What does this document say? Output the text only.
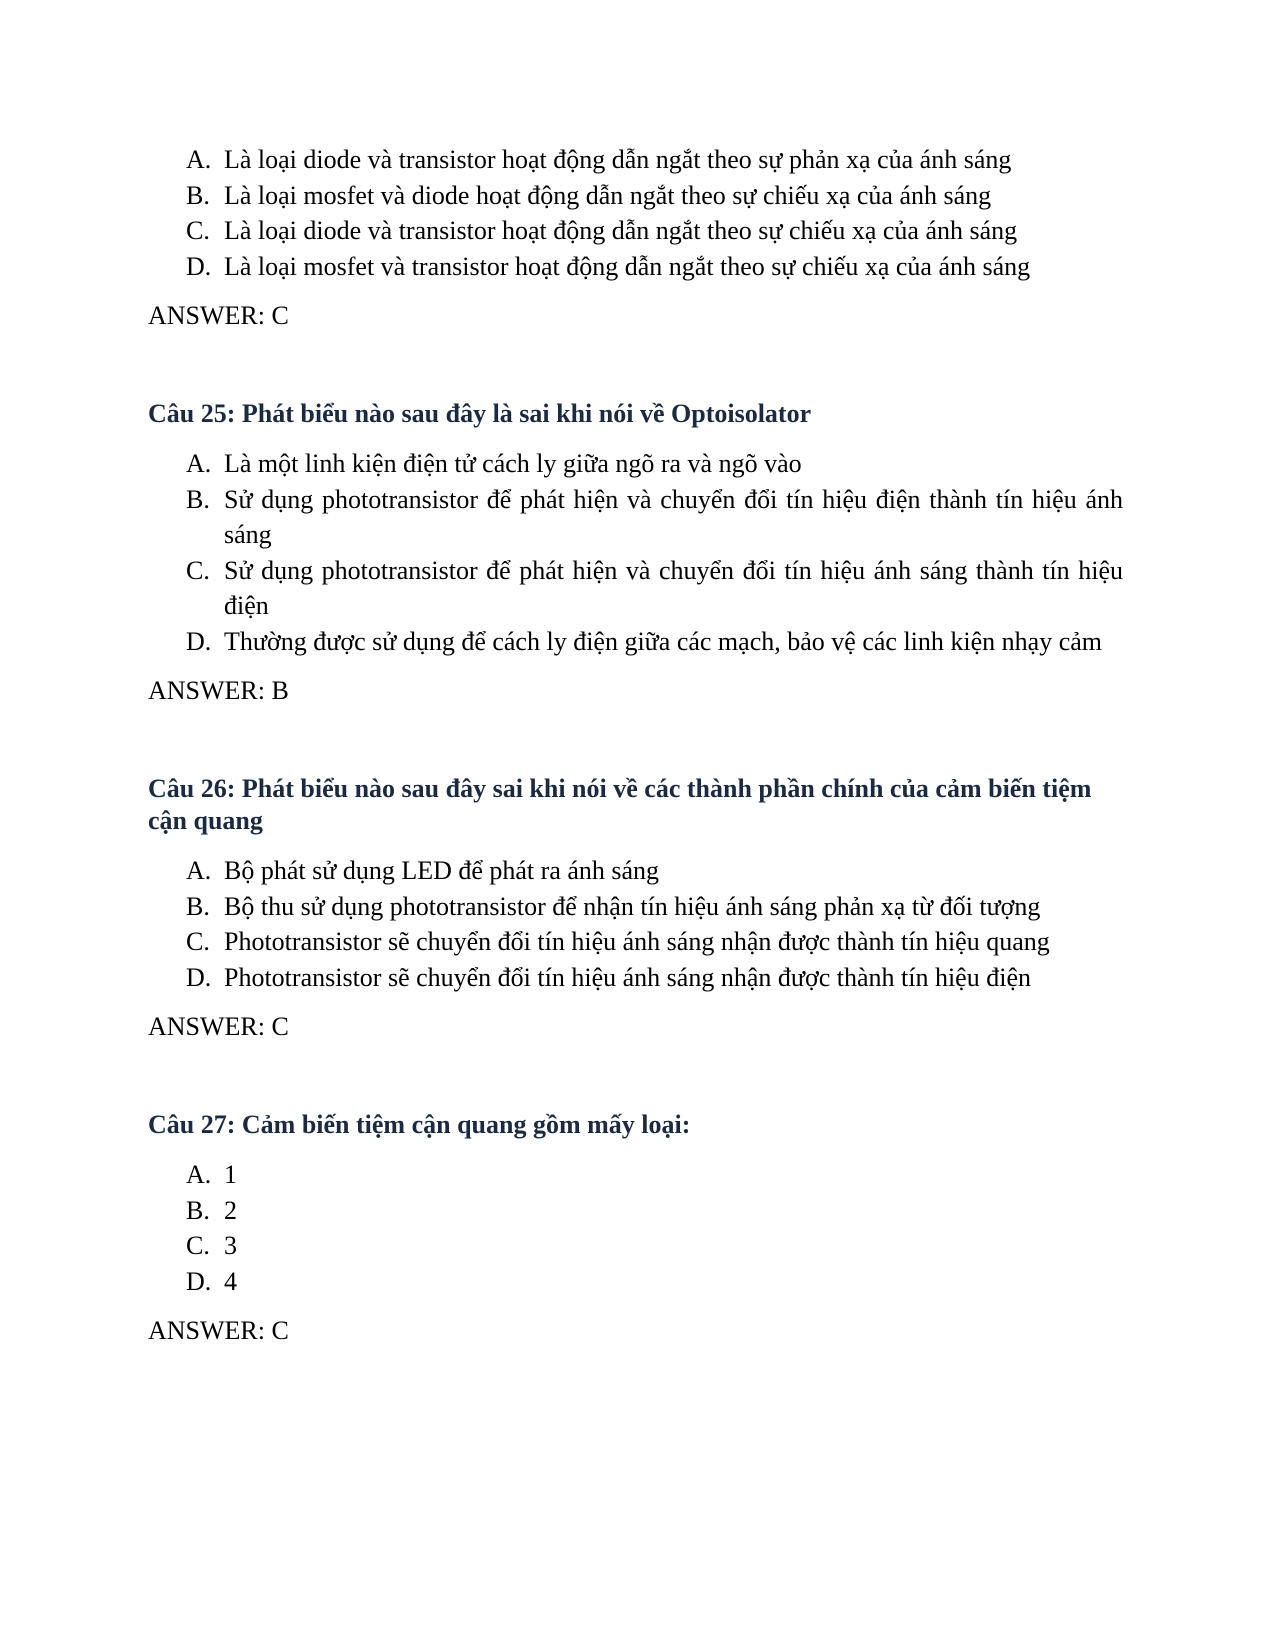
A. Là loại diode và transistor hoạt động dẫn ngắt theo sự phản xạ của ánh sáng
B. Là loại mosfet và diode hoạt động dẫn ngắt theo sự chiếu xạ của ánh sáng
C. Là loại diode và transistor hoạt động dẫn ngắt theo sự chiếu xạ của ánh sáng
D. Là loại mosfet và transistor hoạt động dẫn ngắt theo sự chiếu xạ của ánh sáng
ANSWER: C
Câu 25: Phát biểu nào sau đây là sai khi nói về Optoisolator
A. Là một linh kiện điện tử cách ly giữa ngõ ra và ngõ vào
B. Sử dụng phototransistor để phát hiện và chuyển đổi tín hiệu điện thành tín hiệu ánh sáng
C. Sử dụng phototransistor để phát hiện và chuyển đổi tín hiệu ánh sáng thành tín hiệu điện
D. Thường được sử dụng để cách ly điện giữa các mạch, bảo vệ các linh kiện nhạy cảm
ANSWER: B
Câu 26: Phát biểu nào sau đây sai khi nói về các thành phần chính của cảm biến tiệm cận quang
A. Bộ phát sử dụng LED để phát ra ánh sáng
B. Bộ thu sử dụng phototransistor để nhận tín hiệu ánh sáng phản xạ từ đối tượng
C. Phototransistor sẽ chuyển đổi tín hiệu ánh sáng nhận được thành tín hiệu quang
D. Phototransistor sẽ chuyển đổi tín hiệu ánh sáng nhận được thành tín hiệu điện
ANSWER: C
Câu 27: Cảm biến tiệm cận quang gồm mấy loại:
A. 1
B. 2
C. 3
D. 4
ANSWER: C
